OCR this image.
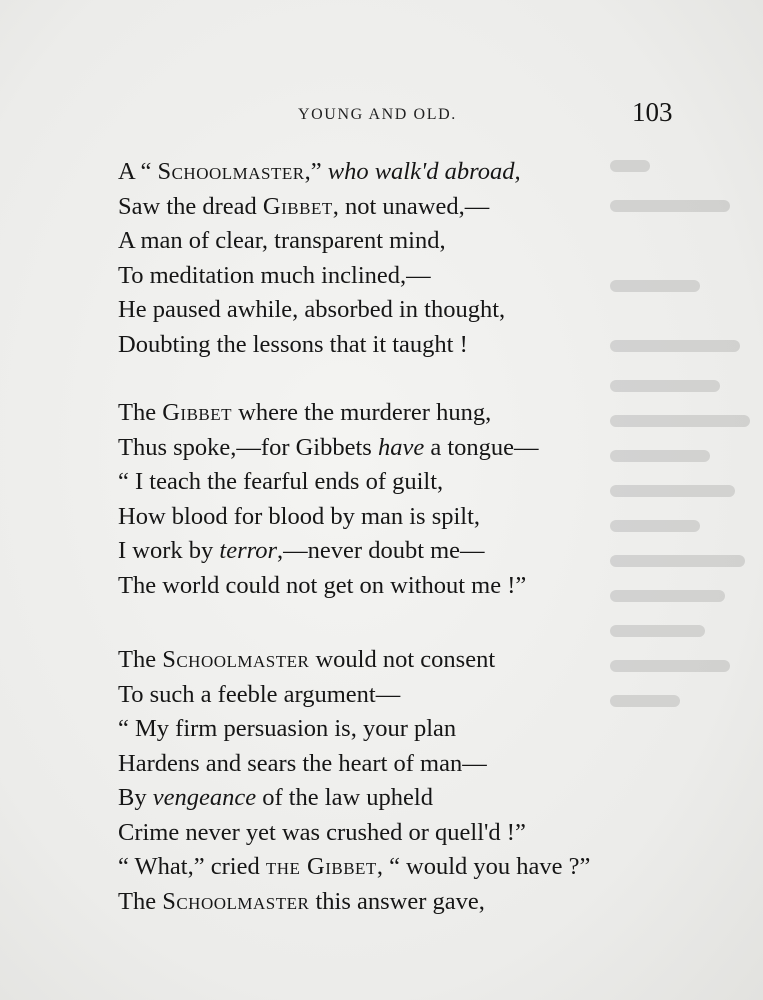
YOUNG AND OLD.	103
A “ Schoolmaster,” who walk'd abroad,
Saw the dread Gibbet, not unawed,—
A man of clear, transparent mind,
To meditation much inclined,—
He paused awhile, absorbed in thought,
Doubting the lessons that it taught !
The Gibbet where the murderer hung,
Thus spoke,—for Gibbets have a tongue—
“ I teach the fearful ends of guilt,
How blood for blood by man is spilt,
I work by terror,—never doubt me—
The world could not get on without me !”
The Schoolmaster would not consent
To such a feeble argument—
“ My firm persuasion is, your plan
Hardens and sears the heart of man—
By vengeance of the law upheld
Crime never yet was crushed or quell'd !”
“ What,” cried the Gibbet, “ would you have ?”
The Schoolmaster this answer gave,
